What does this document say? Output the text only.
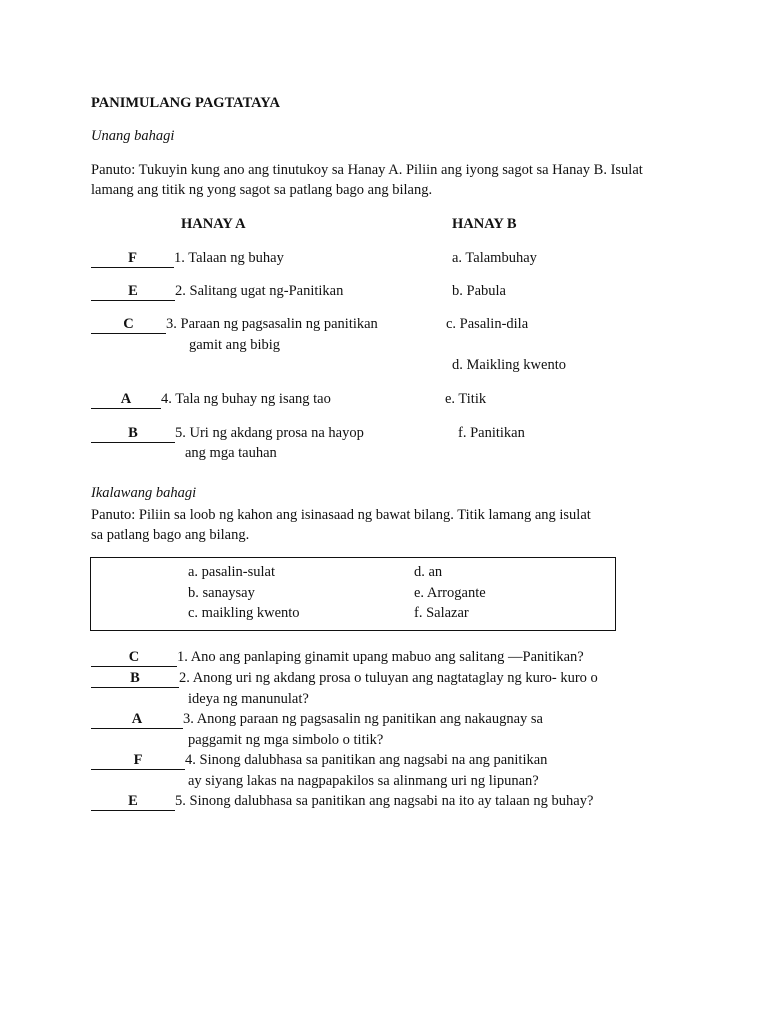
PANIMULANG PAGTATAYA
Unang bahagi
Panuto: Tukuyin kung ano ang tinutukoy sa Hanay A. Piliin ang iyong sagot sa Hanay B. Isulat
lamang ang titik ng yong sagot sa patlang bago ang bilang.
HANAY A	HANAY B
F	1. Talaan ng buhay
E	2. Salitang ugat ng-Panitikan
C 3. Paraan ng pagsasalin ng panitikan
gamit ang bibig
A 4. Tala ng buhay ng isang tao
B	5. Uri ng akdang prosa na hayop
ang mga tauhan
a. Talambuhay
b. Pabula
c. Pasalin-dila
d. Maikling kwento
e. Titik
f. Panitikan
Ikalawang bahagi
Panuto: Piliin sa loob ng kahon ang isinasaad ng bawat bilang. Titik lamang ang isulat
sa patlang bago ang bilang.
a. pasalin-sulat
b. sanaysay
c. maikling kwento
d. an
e. Arrogante
f. Salazar
C	1. Ano ang panlaping ginamit upang mabuo ang salitang —Panitikan?
B	2. Anong uri ng akdang prosa o tuluyan ang nagtataglay ng kuro- kuro o
ideya ng manunulat?
A	3. Anong paraan ng pagsasalin ng panitikan ang nakaugnay sa
paggamit ng mga simbolo o titik?
F	4. Sinong dalubhasa sa panitikan ang nagsabi na ang panitikan
ay siyang lakas na nagpapakilos sa alinmang uri ng lipunan?
E	5. Sinong dalubhasa sa panitikan ang nagsabi na ito ay talaan ng buhay?
